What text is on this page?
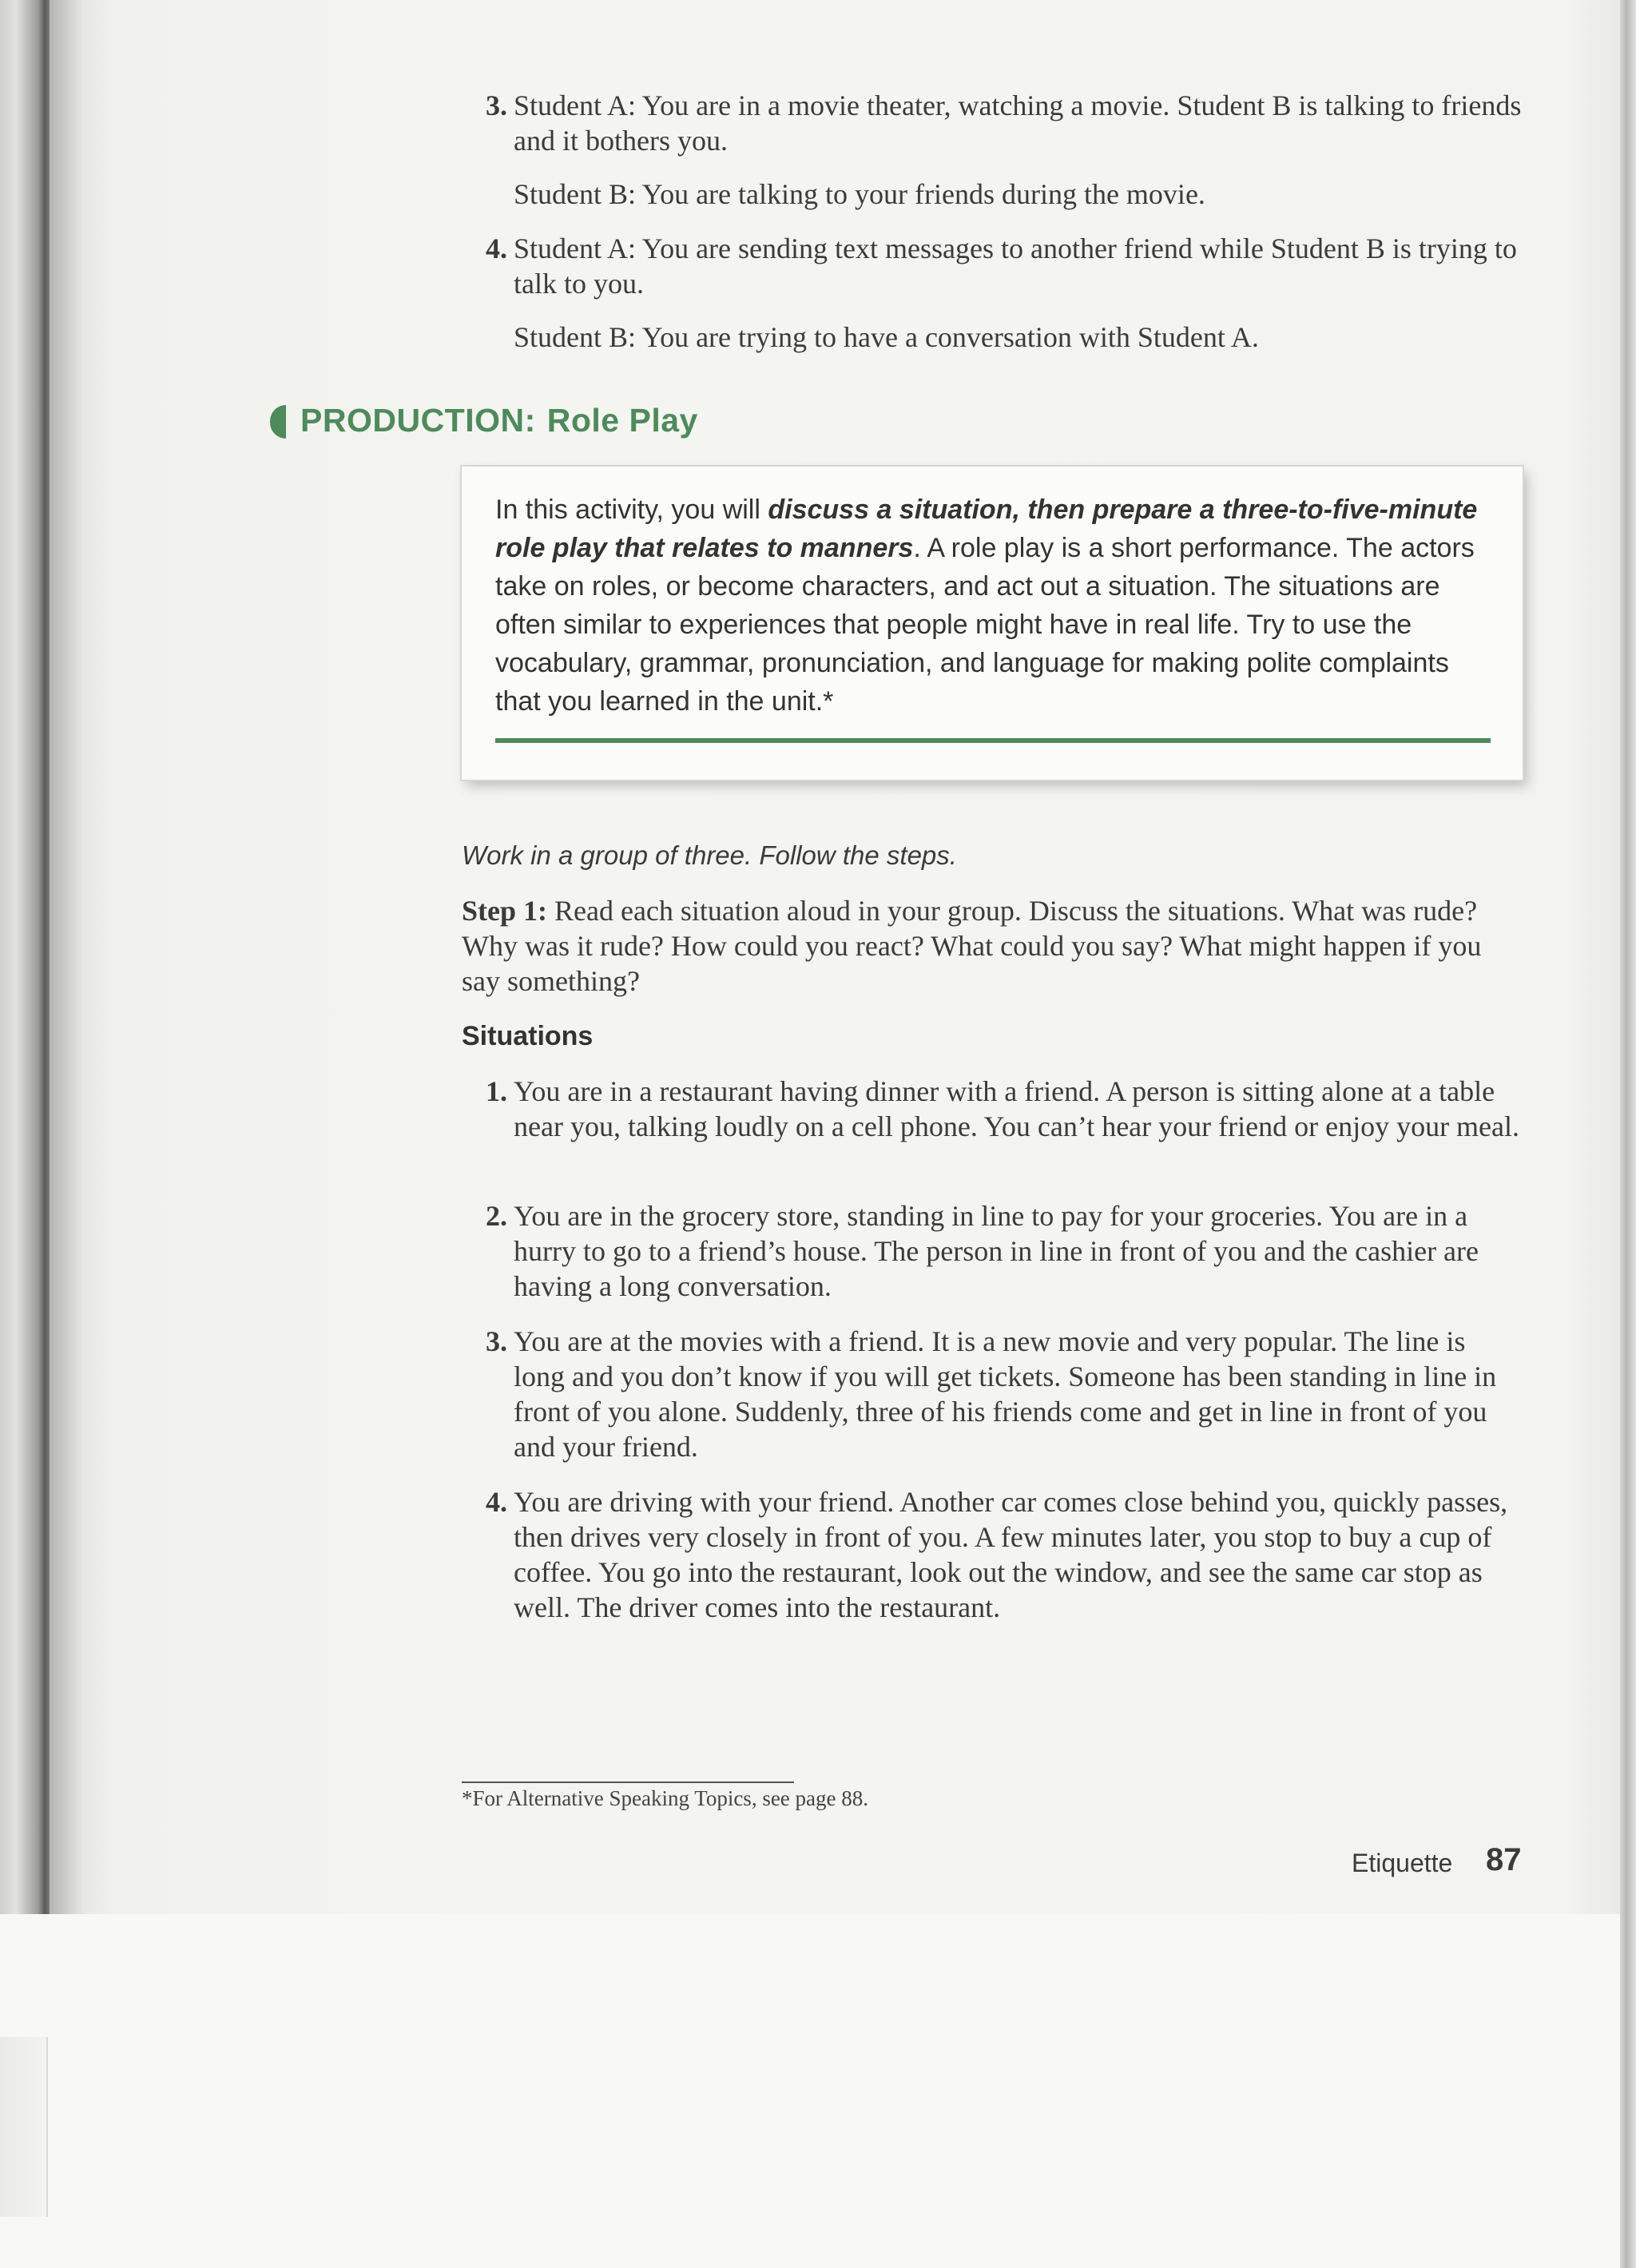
3. Student A: You are in a movie theater, watching a movie. Student B is talking to friends and it bothers you.
Student B: You are talking to your friends during the movie.
4. Student A: You are sending text messages to another friend while Student B is trying to talk to you.
Student B: You are trying to have a conversation with Student A.
PRODUCTION: Role Play
In this activity, you will discuss a situation, then prepare a three-to-five-minute role play that relates to manners. A role play is a short performance. The actors take on roles, or become characters, and act out a situation. The situations are often similar to experiences that people might have in real life. Try to use the vocabulary, grammar, pronunciation, and language for making polite complaints that you learned in the unit.*
Work in a group of three. Follow the steps.
Step 1: Read each situation aloud in your group. Discuss the situations. What was rude? Why was it rude? How could you react? What could you say? What might happen if you say something?
Situations
1. You are in a restaurant having dinner with a friend. A person is sitting alone at a table near you, talking loudly on a cell phone. You can’t hear your friend or enjoy your meal.
2. You are in the grocery store, standing in line to pay for your groceries. You are in a hurry to go to a friend’s house. The person in line in front of you and the cashier are having a long conversation.
3. You are at the movies with a friend. It is a new movie and very popular. The line is long and you don’t know if you will get tickets. Someone has been standing in line in front of you alone. Suddenly, three of his friends come and get in line in front of you and your friend.
4. You are driving with your friend. Another car comes close behind you, quickly passes, then drives very closely in front of you. A few minutes later, you stop to buy a cup of coffee. You go into the restaurant, look out the window, and see the same car stop as well. The driver comes into the restaurant.
*For Alternative Speaking Topics, see page 88.
Etiquette 87
